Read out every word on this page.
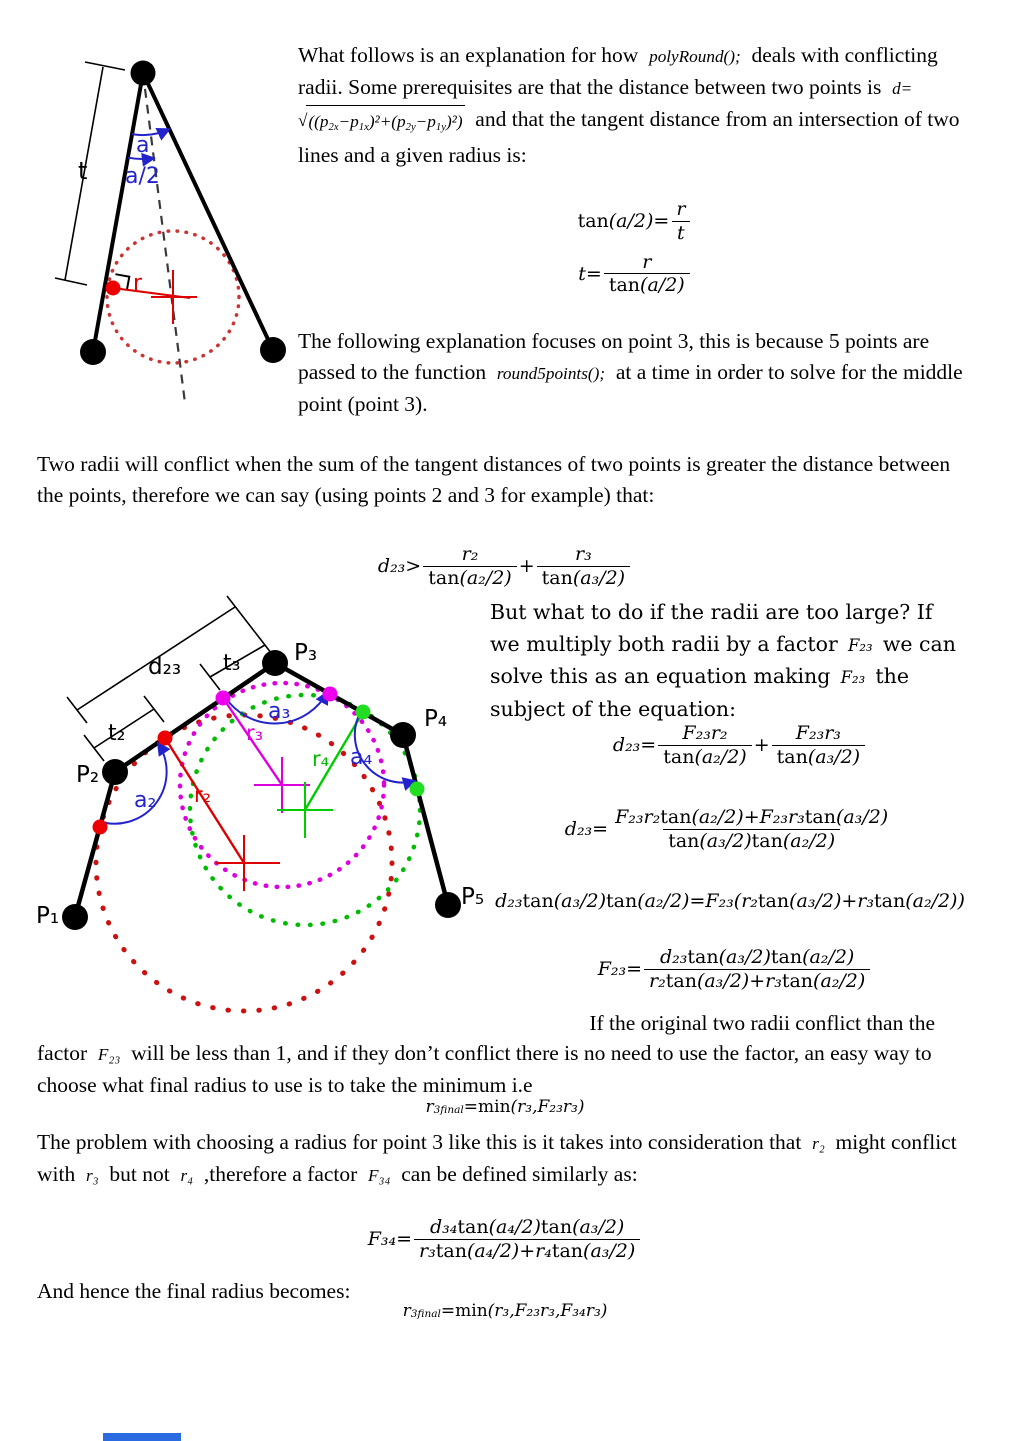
t
a
a/2
r
What follows is an explanation for how polyRound(); deals with conflicting radii. Some prerequisites are that the distance between two points is d=
√ ((p2x−p1x)²+(p2y−p1y)²)  and that the tangent distance from an intersection of two lines and a given radius is:
$\tan(a/2)= \frac{r}{t}$
$t= \frac{r}{\tan(a/2)}$
The following explanation focuses on point 3, this is because 5 points are passed to the function round5points(); at a time in order to solve for the middle point (point 3).
Two radii will conflict when the sum of the tangent distances of two points is greater the distance between the points, therefore we can say (using points 2 and 3 for example) that:
$d_{23}> \frac{\text{r₂}}{\text{tan(a₂/2)}} + \frac{\text{r₃}}{\text{tan(a₃/2)}}$
P₁
P₂
P₃
P₄
P₅
d₂₃ t₃
t₂
a₂
a₃
a₄
r₂
r₃
r₄
But what to do if the radii are too large? If we multiply both radii by a factor F₂₃ we can solve this as an equation making F₂₃ the subject of the equation:
$d_{23}= \frac{\text{F₂₃r₂}}{\text{tan(a₂/2)}} + \frac{\text{F₂₃r₃}}{\text{tan(a₃/2)}}$
$d_{23}= \frac{\text{F₂₃r₂tan(a₂/2)+F₂₃r₃tan(a₃/2)}}{\text{tan(a₃/2)tan(a₂/2)}}$
d₂₃tan(a₃/2)tan(a₂/2)=F₂₃(r₂tan(a₃/2)+r₃tan(a₂/2))
$F_{23}= \frac{\text{d₂₃tan(a₃/2)tan(a₂/2)}}{\text{r₂tan(a₃/2)+r₃tan(a₂/2)}}$
If the original two radii conflict than the
factor F₂₃ will be less than 1, and if they don’t conflict there is no need to use the factor, an easy way to choose what final radius to use is to take the minimum i.e
r 3final =min(r₃,F₂₃r₃)
The problem with choosing a radius for point 3 like this is it takes into consideration that r₂ might conflict with r₃ but not r₄ ,therefore a factor F₃₄ can be defined similarly as:
$F_{34}= \frac{\text{d₃₄tan(a₄/2)tan(a₃/2)}}{\text{r₃tan(a₄/2)+r₄tan(a₃/2)}}$
And hence the final radius becomes:
r 3final =min(r₃,F₂₃r₃,F₃₄r₃)
